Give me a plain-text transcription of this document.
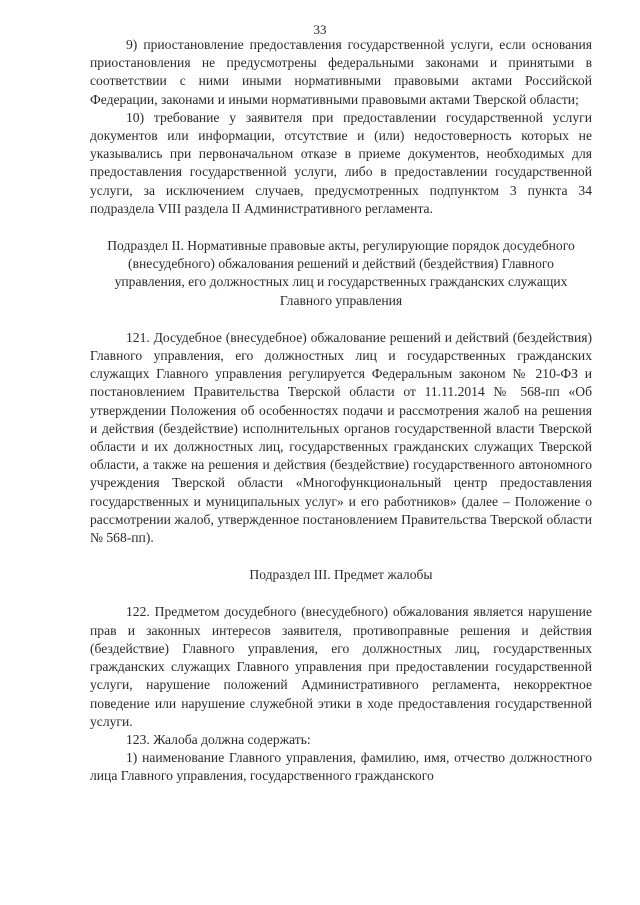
33

9) приостановление предоставления государственной услуги, если основания приостановления не предусмотрены федеральными законами и принятыми в соответствии с ними иными нормативными правовыми актами Российской Федерации, законами и иными нормативными правовыми актами Тверской области;

10) требование у заявителя при предоставлении государственной услуги документов или информации, отсутствие и (или) недостоверность которых не указывались при первоначальном отказе в приеме документов, необходимых для предоставления государственной услуги, либо в предоставлении государственной услуги, за исключением случаев, предусмотренных подпунктом 3 пункта 34 подраздела VIII раздела II Административного регламента.

Подраздел II. Нормативные правовые акты, регулирующие порядок досудебного (внесудебного) обжалования решений и действий (бездействия) Главного управления, его должностных лиц и государственных гражданских служащих Главного управления

121. Досудебное (внесудебное) обжалование решений и действий (бездействия) Главного управления, его должностных лиц и государственных гражданских служащих Главного управления регулируется Федеральным законом № 210-ФЗ и постановлением Правительства Тверской области от 11.11.2014 № 568-пп «Об утверждении Положения об особенностях подачи и рассмотрения жалоб на решения и действия (бездействие) исполнительных органов государственной власти Тверской области и их должностных лиц, государственных гражданских служащих Тверской области, а также на решения и действия (бездействие) государственного автономного учреждения Тверской области «Многофункциональный центр предоставления государственных и муниципальных услуг» и его работников» (далее – Положение о рассмотрении жалоб, утвержденное постановлением Правительства Тверской области № 568-пп).

Подраздел III. Предмет жалобы

122. Предметом досудебного (внесудебного) обжалования является нарушение прав и законных интересов заявителя, противоправные решения и действия (бездействие) Главного управления, его должностных лиц, государственных гражданских служащих Главного управления при предоставлении государственной услуги, нарушение положений Административного регламента, некорректное поведение или нарушение служебной этики в ходе предоставления государственной услуги.

123. Жалоба должна содержать:

1) наименование Главного управления, фамилию, имя, отчество должностного лица Главного управления, государственного гражданского
